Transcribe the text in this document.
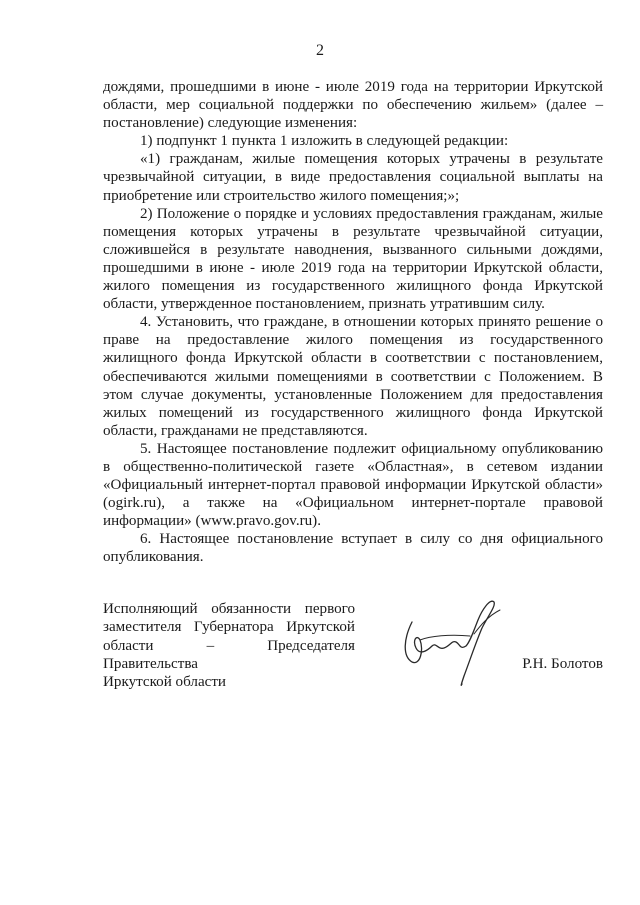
2

дождями, прошедшими в июне - июле 2019 года на территории Иркутской области, мер социальной поддержки по обеспечению жильем» (далее – постановление) следующие изменения:

1) подпункт 1 пункта 1 изложить в следующей редакции:

«1) гражданам, жилые помещения которых утрачены в результате чрезвычайной ситуации, в виде предоставления социальной выплаты на приобретение или строительство жилого помещения;»;

2) Положение о порядке и условиях предоставления гражданам, жилые помещения которых утрачены в результате чрезвычайной ситуации, сложившейся в результате наводнения, вызванного сильными дождями, прошедшими в июне - июле 2019 года на территории Иркутской области, жилого помещения из государственного жилищного фонда Иркутской области, утвержденное постановлением, признать утратившим силу.

4. Установить, что граждане, в отношении которых принято решение о праве на предоставление жилого помещения из государственного жилищного фонда Иркутской области в соответствии с постановлением, обеспечиваются жилыми помещениями в соответствии с Положением. В этом случае документы, установленные Положением для предоставления жилых помещений из государственного жилищного фонда Иркутской области, гражданами не представляются.

5. Настоящее постановление подлежит официальному опубликованию в общественно-политической газете «Областная», в сетевом издании «Официальный интернет-портал правовой информации Иркутской области» (ogirk.ru), а также на «Официальном интернет-портале правовой информации» (www.pravo.gov.ru).

6. Настоящее постановление вступает в силу со дня официального опубликования.

Исполняющий обязанности первого
заместителя Губернатора Иркутской
области – Председателя Правительства
Иркутской области
Р.Н. Болотов
